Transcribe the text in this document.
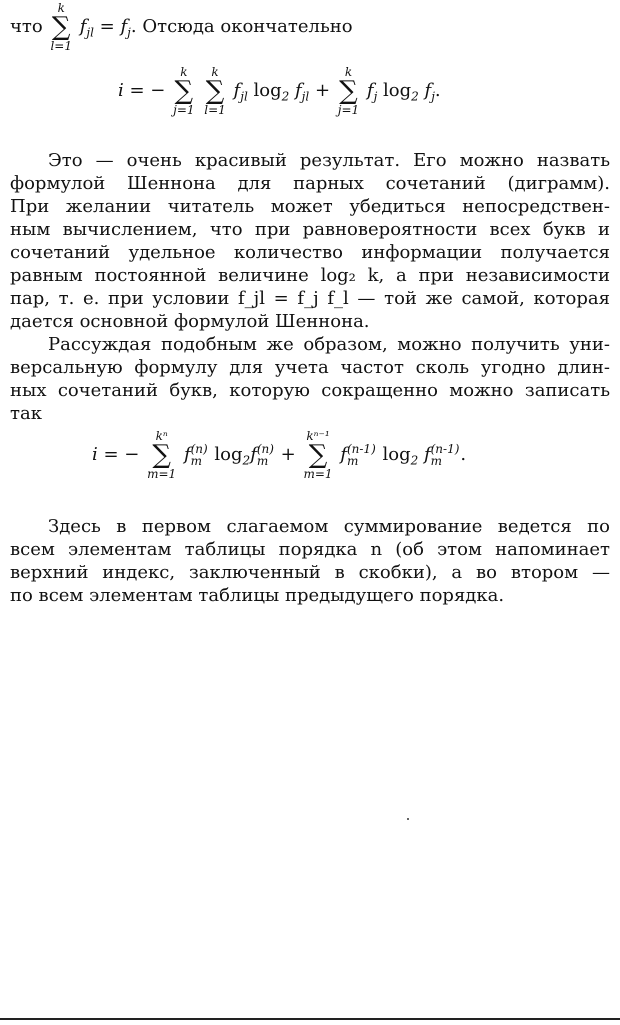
что
k
∑
l=1
$f_{jl} = f_j$. Отсюда окончательно
i = −
k
∑
j=1

k
∑
l=1
$f_{jl}$ $\log_2 f_{jl}$ +
k
∑
j=1
$f_j$ $\log_2 f_j$.
Это — очень красивый результат. Его можно назвать
формулой Шеннона для парных сочетаний (диграмм).
При желании читатель может убедиться непосредствен-
ным вычислением, что при равновероятности всех букв и
сочетаний удельное количество информации получается
равным постоянной величине log₂ k, а при независимости
пар, т. е. при условии f_jl = f_j f_l — той же самой, которая
дается основной формулой Шеннона.
Рассуждая подобным же образом, можно получить уни-
версальную формулу для учета частот сколь угодно длин-
ных сочетаний букв, которую сокращенно можно записать
так
i = −
kⁿ
∑
m=1
f (n)
m $\log_2f$ (n)
m +
kⁿ⁻¹
∑
m=1
f (n-1)
m	$\log_2 f$ (n-1)
m	.
Здесь в первом слагаемом суммирование ведется по
всем элементам таблицы порядка n (об этом напоминает
верхний индекс, заключенный в скобки), а во втором —
по всем элементам таблицы предыдущего порядка.
